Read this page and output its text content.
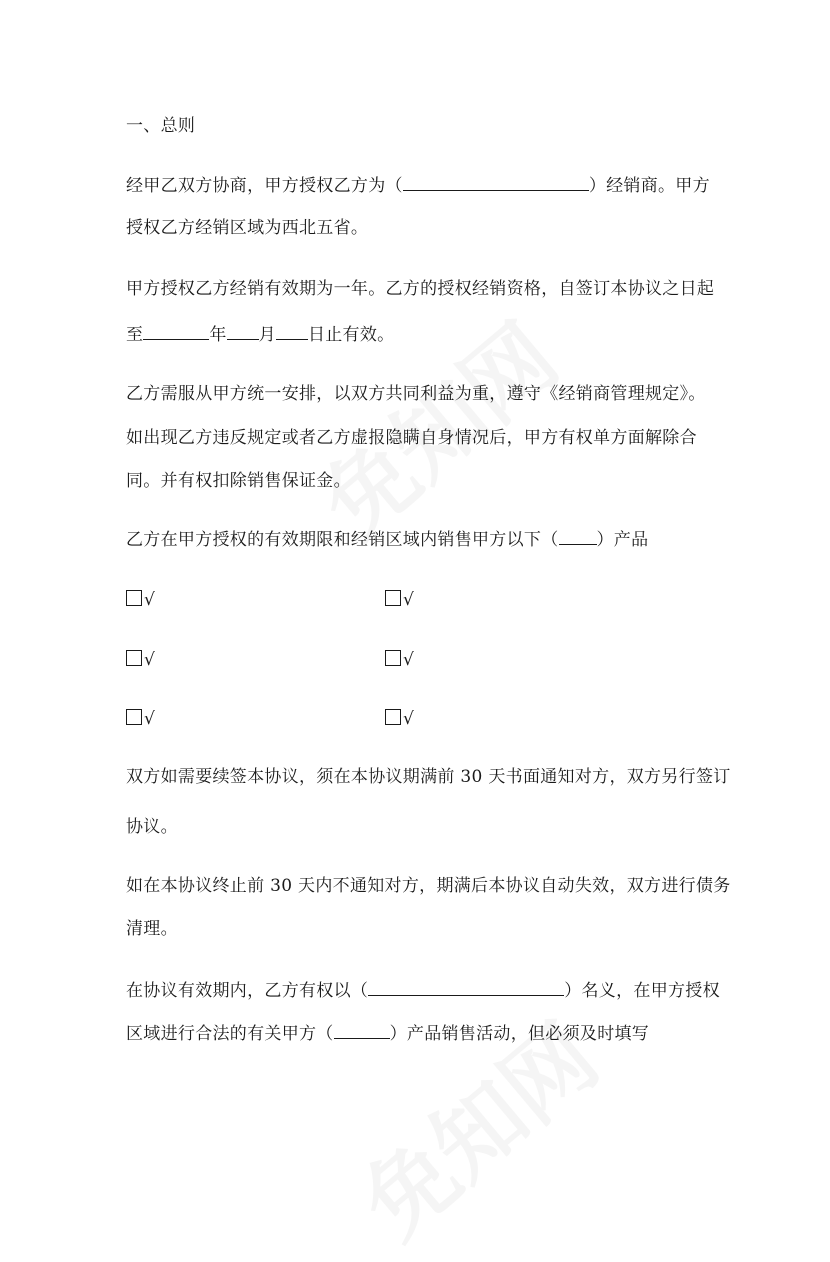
一、总则
经甲乙双方协商，甲方授权乙方为（	）经销商。甲方
授权乙方经销区域为西北五省。
甲方授权乙方经销有效期为一年。乙方的授权经销资格，自签订本协议之日起
至	年 月 日止有效。
乙方需服从甲方统一安排，以双方共同利益为重，遵守《经销商管理规定》。
如出现乙方违反规定或者乙方虚报隐瞒自身情况后，甲方有权单方面解除合
同。并有权扣除销售保证金。
乙方在甲方授权的有效期限和经销区域内销售甲方以下（ ）产品
√	√
√	√
√	√
双方如需要续签本协议，须在本协议期满前 30 天书面通知对方，双方另行签订
协议。
如在本协议终止前 30 天内不通知对方，期满后本协议自动失效，双方进行债务
清理。
在协议有效期内，乙方有权以（	）名义，在甲方授权
区域进行合法的有关甲方（	）产品销售活动，但必须及时填写
